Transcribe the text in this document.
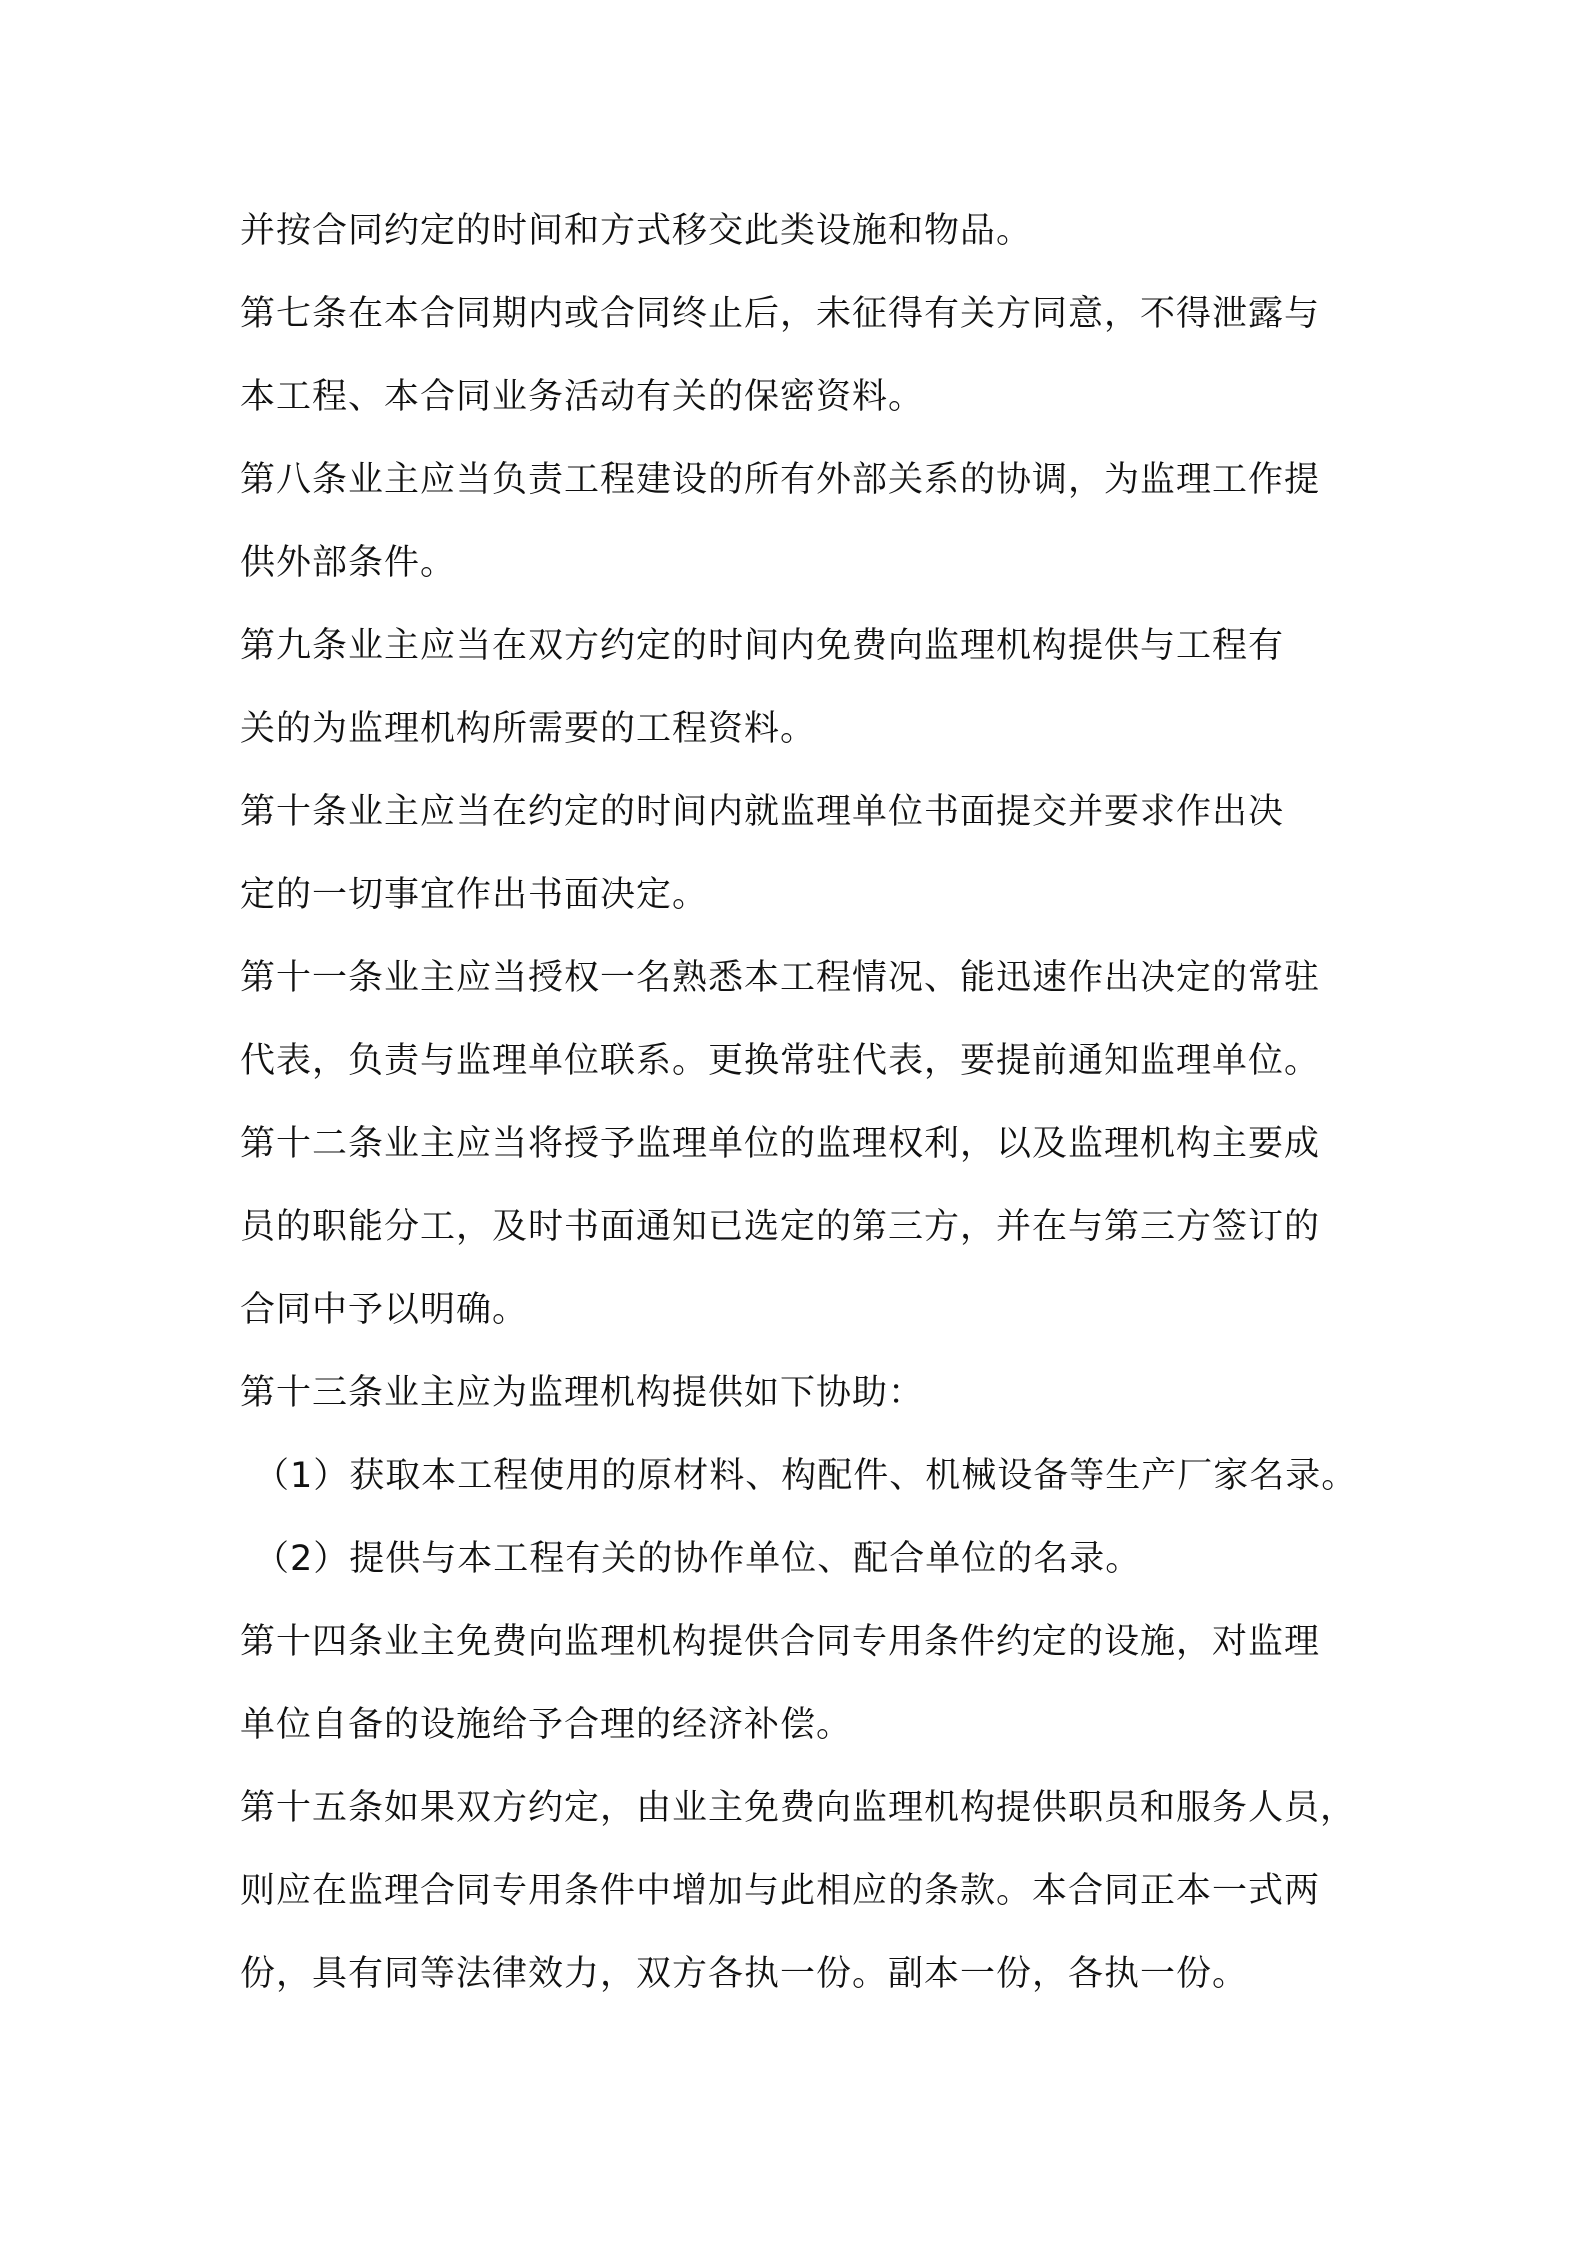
并按合同约定的时间和方式移交此类设施和物品。
第七条在本合同期内或合同终止后，未征得有关方同意，不得泄露与
本工程、本合同业务活动有关的保密资料。
第八条业主应当负责工程建设的所有外部关系的协调，为监理工作提
供外部条件。
第九条业主应当在双方约定的时间内免费向监理机构提供与工程有
关的为监理机构所需要的工程资料。
第十条业主应当在约定的时间内就监理单位书面提交并要求作出决
定的一切事宜作出书面决定。
第十一条业主应当授权一名熟悉本工程情况、能迅速作出决定的常驻
代表，负责与监理单位联系。更换常驻代表，要提前通知监理单位。
第十二条业主应当将授予监理单位的监理权利，以及监理机构主要成
员的职能分工，及时书面通知已选定的第三方，并在与第三方签订的
合同中予以明确。
第十三条业主应为监理机构提供如下协助：
（1）获取本工程使用的原材料、构配件、机械设备等生产厂家名录。
（2）提供与本工程有关的协作单位、配合单位的名录。
第十四条业主免费向监理机构提供合同专用条件约定的设施，对监理
单位自备的设施给予合理的经济补偿。
第十五条如果双方约定，由业主免费向监理机构提供职员和服务人员，
则应在监理合同专用条件中增加与此相应的条款。本合同正本一式两
份，具有同等法律效力，双方各执一份。副本一份，各执一份。
